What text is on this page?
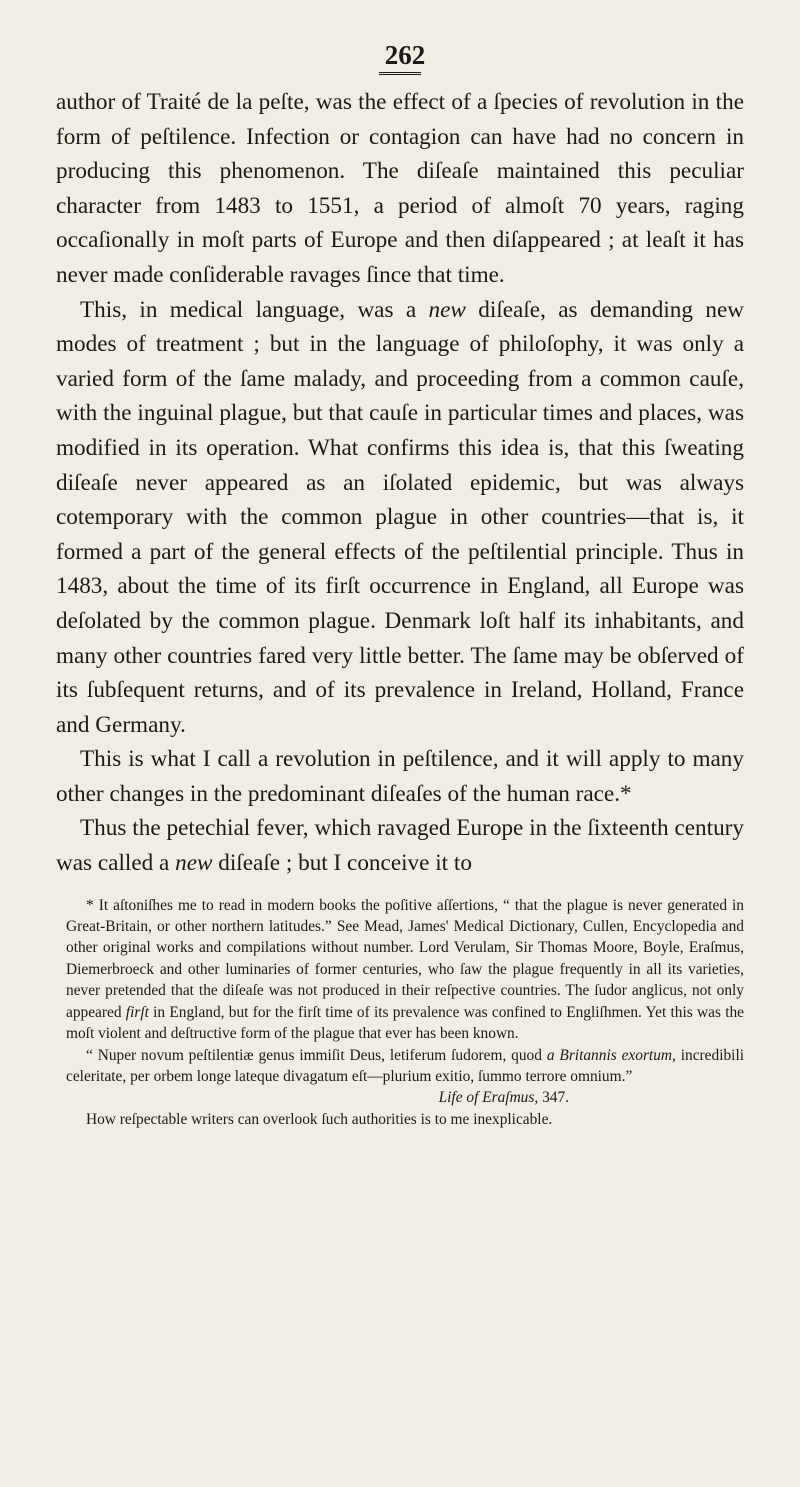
262

author of Traité de la peſte, was the effect of a ſpecies of revolution in the form of peſtilence. Infection or contagion can have had no concern in producing this phenomenon. The diſeaſe maintained this peculiar character from 1483 to 1551, a period of almoſt 70 years, raging occaſionally in moſt parts of Europe and then diſappeared ; at leaſt it has never made conſiderable ravages ſince that time.

This, in medical language, was a new diſeaſe, as demanding new modes of treatment ; but in the language of philoſophy, it was only a varied form of the ſame malady, and proceeding from a common cauſe, with the inguinal plague, but that cauſe in particular times and places, was modified in its operation. What confirms this idea is, that this ſweating diſeaſe never appeared as an iſolated epidemic, but was always cotemporary with the common plague in other countries—that is, it formed a part of the general effects of the peſtilential principle. Thus in 1483, about the time of its firſt occurrence in England, all Europe was deſolated by the common plague. Denmark loſt half its inhabitants, and many other countries fared very little better. The ſame may be obſerved of its ſubſequent returns, and of its prevalence in Ireland, Holland, France and Germany.

This is what I call a revolution in peſtilence, and it will apply to many other changes in the predominant diſeaſes of the human race.*

Thus the petechial fever, which ravaged Europe in the ſixteenth century was called a new diſeaſe ; but I conceive it to

* It aſtoniſhes me to read in modern books the poſitive aſſertions, “ that the plague is never generated in Great-Britain, or other northern latitudes.” See Mead, James' Medical Dictionary, Cullen, Encyclopedia and other original works and compilations without number. Lord Verulam, Sir Thomas Moore, Boyle, Eraſmus, Diemerbroeck and other luminaries of former centuries, who ſaw the plague frequently in all its varieties, never pretended that the diſeaſe was not produced in their reſpective countries. The ſudor anglicus, not only appeared firſt in England, but for the firſt time of its prevalence was confined to Engliſhmen. Yet this was the moſt violent and deſtructive form of the plague that ever has been known.

“ Nuper novum peſtilentiæ genus immiſit Deus, letiferum ſudorem, quod a Britannis exortum, incredibili celeritate, per orbem longe lateque divagatum eſt—plurium exitio, ſummo terrore omnium.”

Life of Eraſmus, 347.

How reſpectable writers can overlook ſuch authorities is to me inexplicable.
